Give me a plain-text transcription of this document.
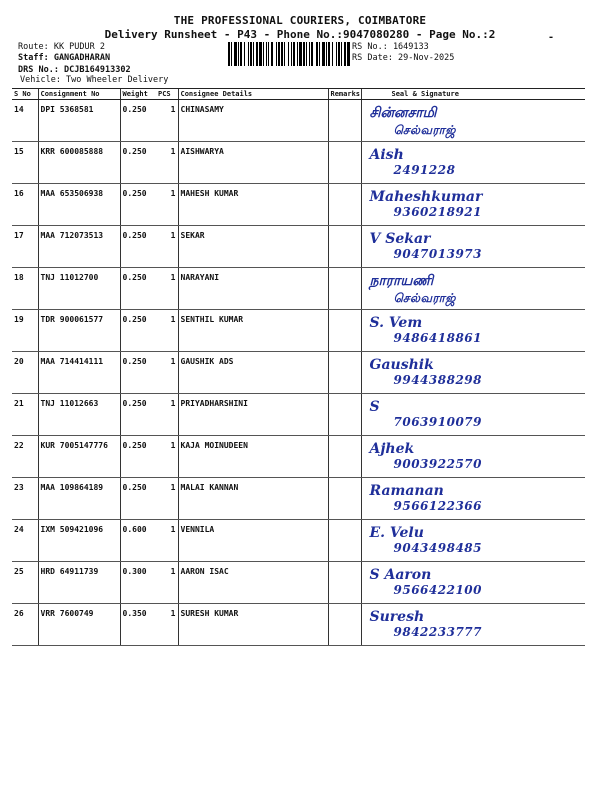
THE PROFESSIONAL COURIERS, COIMBATORE
Delivery Runsheet - P43 - Phone No.:9047080280 - Page No.:2	-
Route: KK PUDUR 2
Staff: GANGADHARAN
DRS No.: DCJB164913302
Vehicle: Two Wheeler Delivery
RS No.: 1649133
RS Date: 29-Nov-2025
S No	Consignment No	Weight	PCS	Consignee Details	Remarks	Seal & Signature
14	DPI 5368581	0.250	1	CHINASAMY		சின்னசாமி
செல்வராஜ்

15	KRR 600085888	0.250	1	AISHWARYA		Aish
2491228

16	MAA 653506938	0.250	1	MAHESH KUMAR		Maheshkumar
9360218921

17	MAA 712073513	0.250	1	SEKAR		V Sekar
9047013973

18	TNJ 11012700	0.250	1	NARAYANI		நாராயணி
செல்வராஜ்

19	TDR 900061577	0.250	1	SENTHIL KUMAR		S. Vem
9486418861

20	MAA 714414111	0.250	1	GAUSHIK ADS		Gaushik
9944388298

21	TNJ 11012663	0.250	1	PRIYADHARSHINI		S
7063910079

22	KUR 7005147776	0.250	1	KAJA MOINUDEEN		Ajhek
9003922570

23	MAA 109864189	0.250	1	MALAI KANNAN		Ramanan
9566122366

24	IXM 509421096	0.600	1	VENNILA		E. Velu
9043498485

25	HRD 64911739	0.300	1	AARON ISAC		S Aaron
9566422100

26	VRR 7600749	0.350	1	SURESH KUMAR		Suresh
9842233777
